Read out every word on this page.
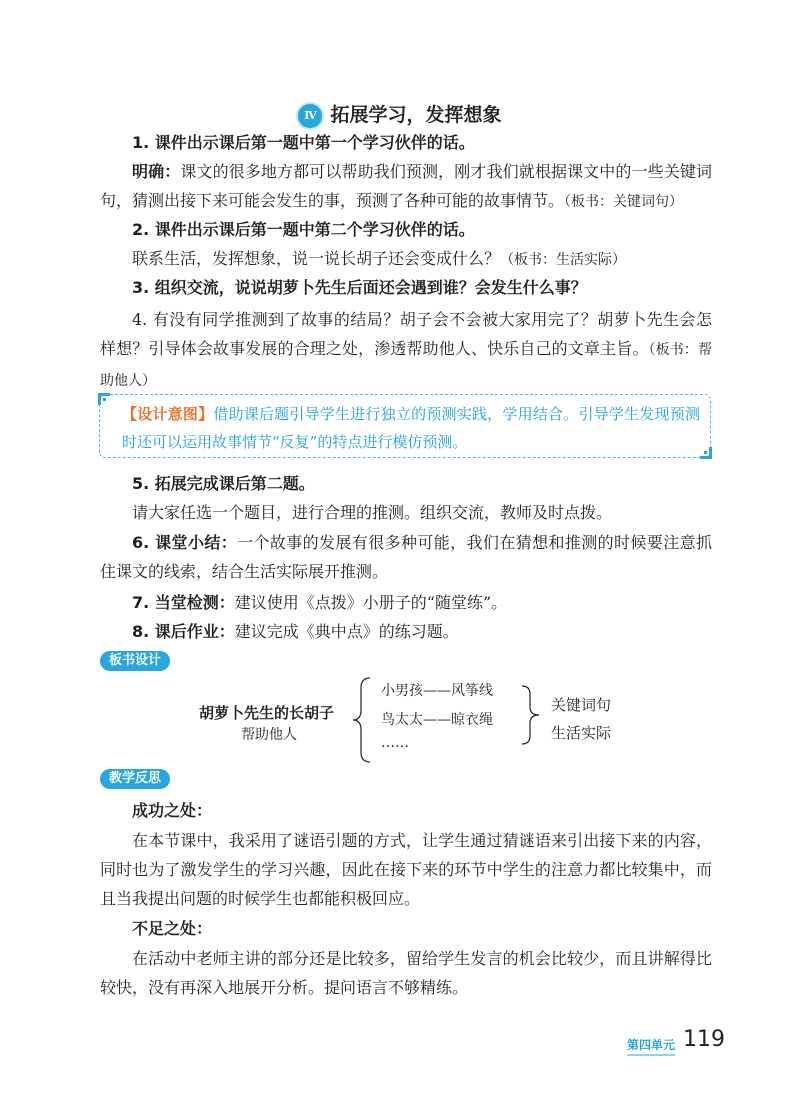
Ⅳ 拓展学习，发挥想象

1. 课件出示课后第一题中第一个学习伙伴的话。

明确：课文的很多地方都可以帮助我们预测，刚才我们就根据课文中的一些关键词句，猜测出接下来可能会发生的事，预测了各种可能的故事情节。（板书：关键词句）

2. 课件出示课后第一题中第二个学习伙伴的话。

联系生活，发挥想象，说一说长胡子还会变成什么？（板书：生活实际）

3. 组织交流，说说胡萝卜先生后面还会遇到谁？会发生什么事？

4. 有没有同学推测到了故事的结局？胡子会不会被大家用完了？胡萝卜先生会怎样想？引导体会故事发展的合理之处，渗透帮助他人、快乐自己的文章主旨。（板书：帮助他人）

【设计意图】借助课后题引导学生进行独立的预测实践，学用结合。引导学生发现预测时还可以运用故事情节“反复”的特点进行模仿预测。

5. 拓展完成课后第二题。

请大家任选一个题目，进行合理的推测。组织交流，教师及时点拨。

6. 课堂小结：一个故事的发展有很多种可能，我们在猜想和推测的时候要注意抓住课文的线索，结合生活实际展开推测。

7. 当堂检测：建议使用《点拨》小册子的“随堂练”。

8. 课后作业：建议完成《典中点》的练习题。

板书设计
胡萝卜先生的长胡子
帮助他人
小男孩——风筝线
鸟太太——晾衣绳
……
关键词句
生活实际
教学反思

成功之处：

在本节课中，我采用了谜语引题的方式，让学生通过猜谜语来引出接下来的内容，同时也为了激发学生的学习兴趣，因此在接下来的环节中学生的注意力都比较集中，而且当我提出问题的时候学生也都能积极回应。

不足之处：

在活动中老师主讲的部分还是比较多，留给学生发言的机会比较少，而且讲解得比较快，没有再深入地展开分析。提问语言不够精练。

第四单元 119
